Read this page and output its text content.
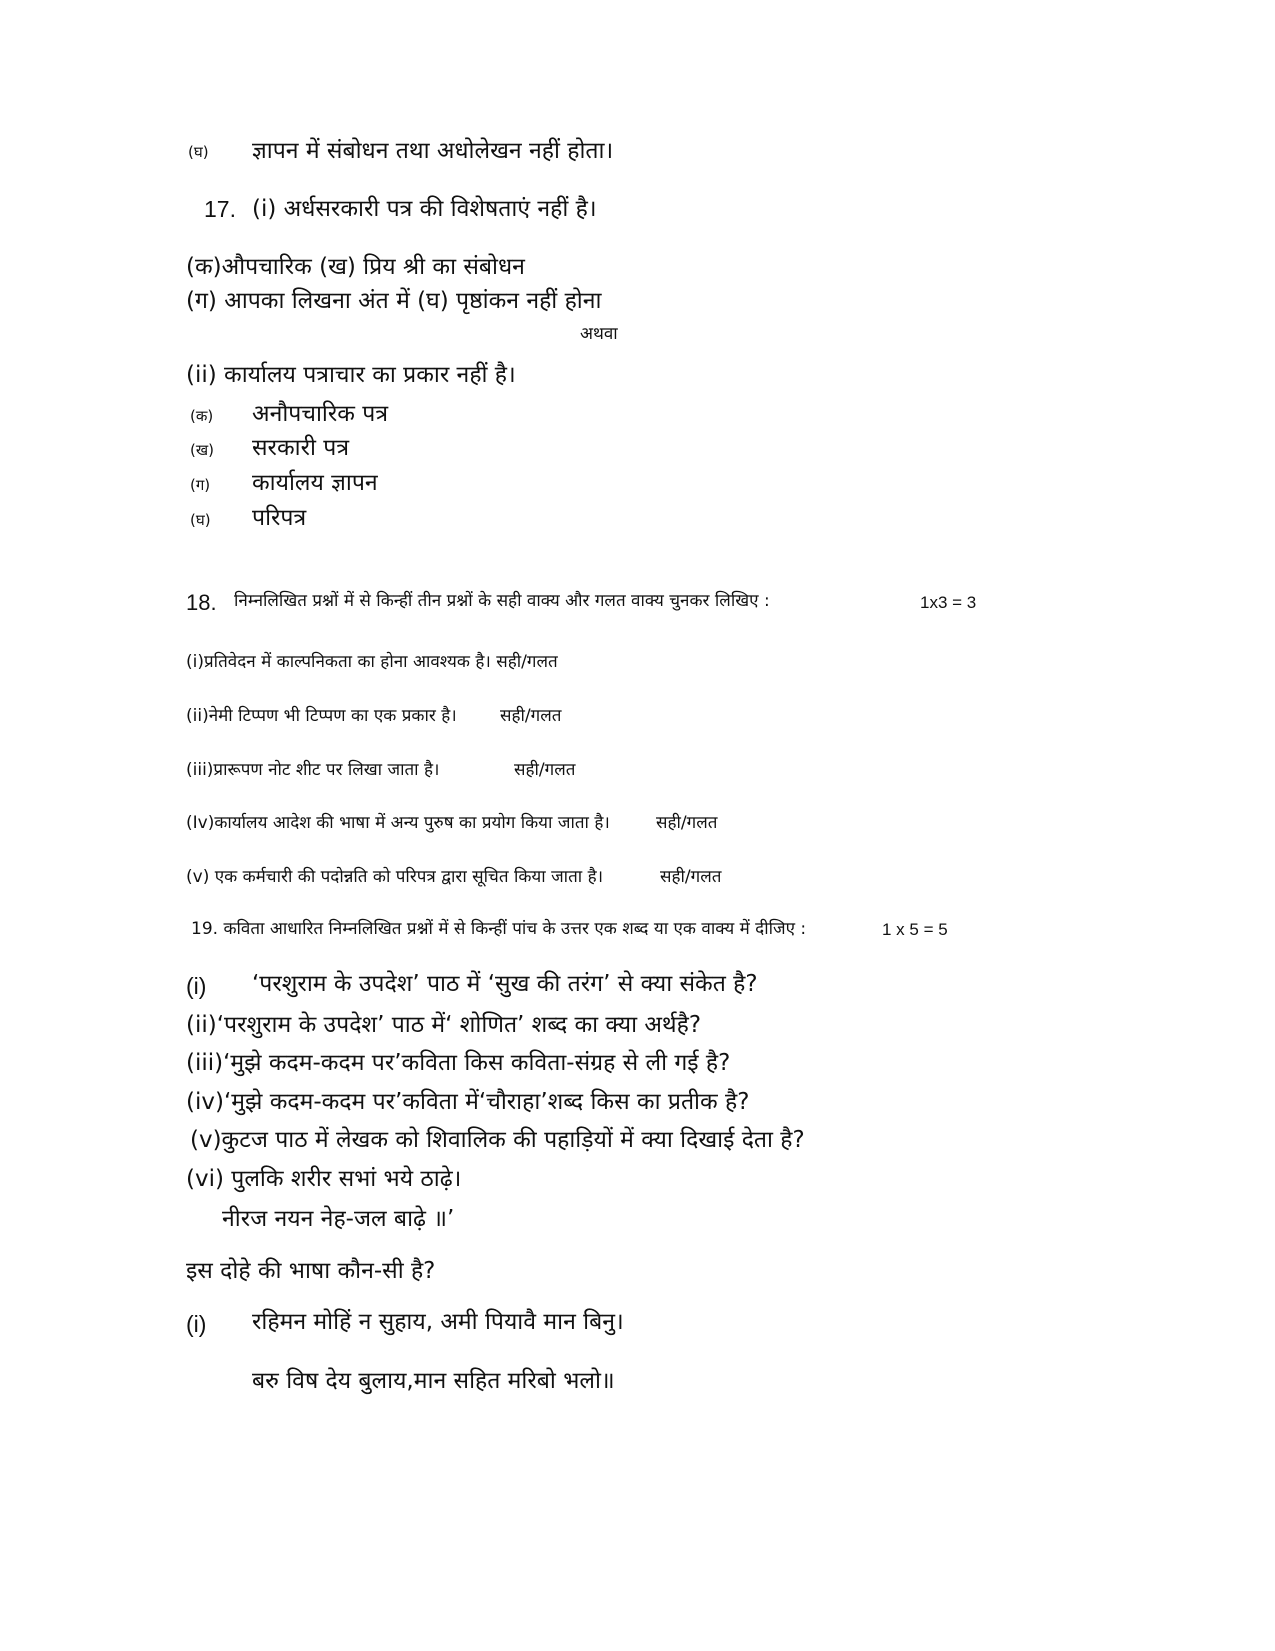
(घ) ज्ञापन में संबोधन तथा अधोलेखन नहीं होता।
17. (i) अर्धसरकारी पत्र की विशेषताएं नहीं है।
(क)औपचारिक (ख) प्रिय श्री का संबोधन
(ग) आपका लिखना अंत में (घ) पृष्ठांकन नहीं होना
अथवा
(ii) कार्यालय पत्राचार का प्रकार नहीं है।
(क) अनौपचारिक पत्र
(ख) सरकारी पत्र
(ग) कार्यालय ज्ञापन
(घ) परिपत्र
18. निम्नलिखित प्रश्नों में से किन्हीं तीन प्रश्नों के सही वाक्य और गलत वाक्य चुनकर लिखिए :	1x3 = 3
(i)प्रतिवेदन में काल्पनिकता का होना आवश्यक है। सही/गलत
(ii)नेमी टिप्पण भी टिप्पण का एक प्रकार है।	सही/गलत
(iii)प्रारूपण नोट शीट पर लिखा जाता है।	सही/गलत
(Iv)कार्यालय आदेश की भाषा में अन्य पुरुष का प्रयोग किया जाता है।	सही/गलत
(v) एक कर्मचारी की पदोन्नति को परिपत्र द्वारा सूचित किया जाता है।	सही/गलत
19. कविता आधारित निम्नलिखित प्रश्नों में से किन्हीं पांच के उत्तर एक शब्द या एक वाक्य में दीजिए :	1 x 5 = 5
(i) ‘परशुराम के उपदेश’ पाठ में ‘सुख की तरंग’ से क्या संकेत है?
(ii)‘परशुराम के उपदेश’ पाठ में‘ शोणित’ शब्द का क्या अर्थहै?
(iii)‘मुझे कदम-कदम पर’कविता किस कविता-संग्रह से ली गई है?
(iv)‘मुझे कदम-कदम पर’कविता में‘चौराहा’शब्द किस का प्रतीक है?
(v)कुटज पाठ में लेखक को शिवालिक की पहाड़ियों में क्या दिखाई देता है?
(vi) पुलकि शरीर सभां भये ठाढ़े।
नीरज नयन नेह-जल बाढ़े ॥’
इस दोहे की भाषा कौन-सी है?
(i) रहिमन मोहिं न सुहाय, अमी पियावै मान बिनु।
बरु विष देय बुलाय,मान सहित मरिबो भलो॥
